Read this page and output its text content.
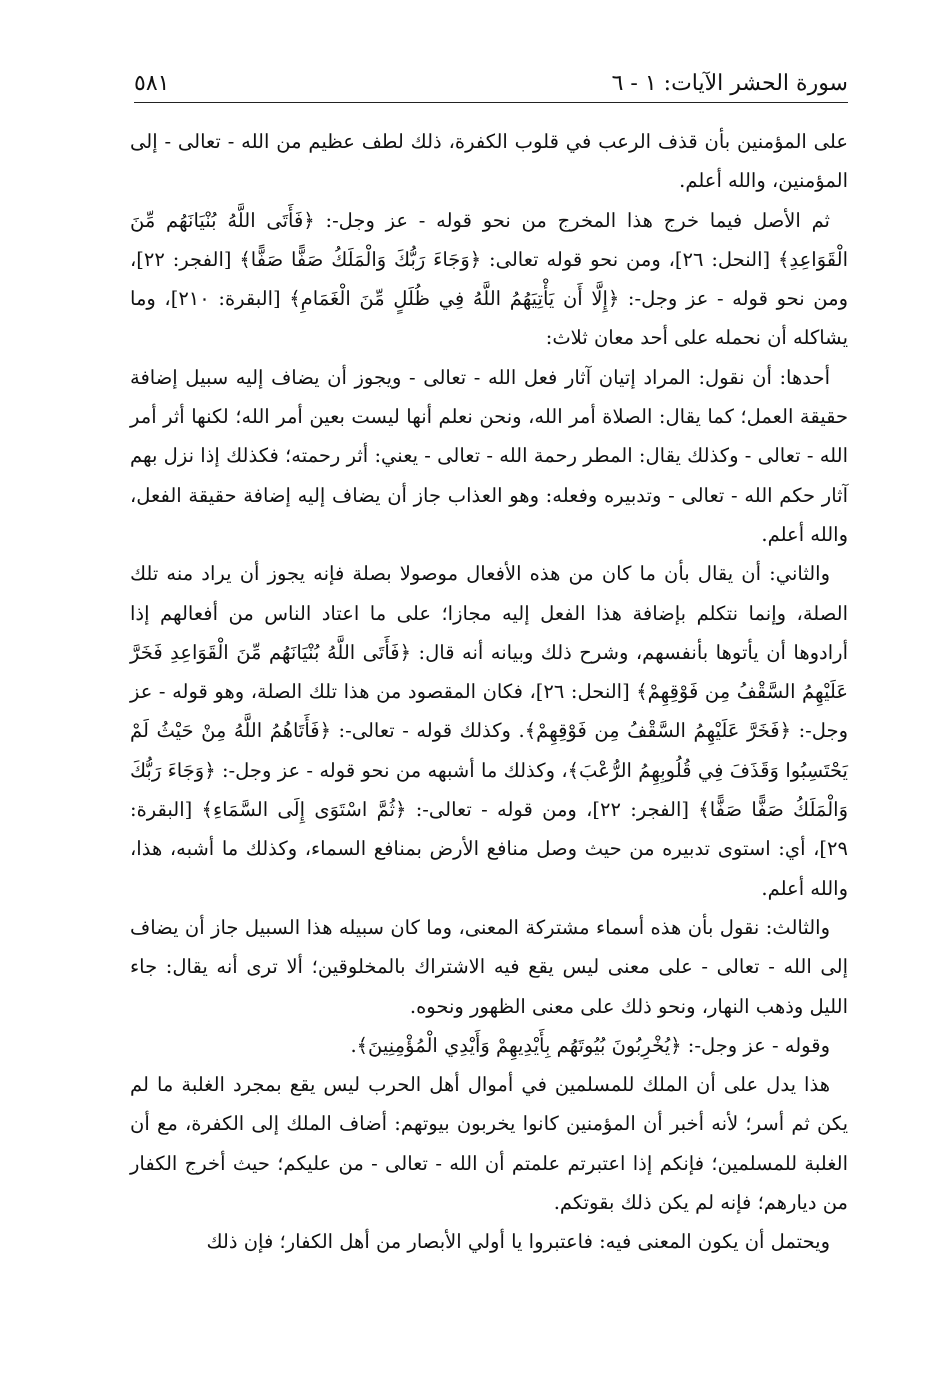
سورة الحشر الآيات: ١ - ٦
٥٨١

على المؤمنين بأن قذف الرعب في قلوب الكفرة، ذلك لطف عظيم من الله - تعالى - إلى المؤمنين، والله أعلم.

ثم الأصل فيما خرج هذا المخرج من نحو قوله - عز وجل-: ﴿فَأَتَى اللَّهُ بُنْيَانَهُم مِّنَ الْقَوَاعِدِ﴾ [النحل: ٢٦]، ومن نحو قوله تعالى: ﴿وَجَاءَ رَبُّكَ وَالْمَلَكُ صَفًّا صَفًّا﴾ [الفجر: ٢٢]، ومن نحو قوله - عز وجل-: ﴿إِلَّا أَن يَأْتِيَهُمُ اللَّهُ فِي ظُلَلٍ مِّنَ الْغَمَامِ﴾ [البقرة: ٢١٠]، وما يشاكله أن نحمله على أحد معان ثلاث:

أحدها: أن نقول: المراد إتيان آثار فعل الله - تعالى - ويجوز أن يضاف إليه سبيل إضافة حقيقة العمل؛ كما يقال: الصلاة أمر الله، ونحن نعلم أنها ليست بعين أمر الله؛ لكنها أثر أمر الله - تعالى - وكذلك يقال: المطر رحمة الله - تعالى - يعني: أثر رحمته؛ فكذلك إذا نزل بهم آثار حكم الله - تعالى - وتدبيره وفعله: وهو العذاب جاز أن يضاف إليه إضافة حقيقة الفعل، والله أعلم.

والثاني: أن يقال بأن ما كان من هذه الأفعال موصولا بصلة فإنه يجوز أن يراد منه تلك الصلة، وإنما نتكلم بإضافة هذا الفعل إليه مجازا؛ على ما اعتاد الناس من أفعالهم إذا أرادوها أن يأتوها بأنفسهم، وشرح ذلك وبيانه أنه قال: ﴿فَأَتَى اللَّهُ بُنْيَانَهُم مِّنَ الْقَوَاعِدِ فَخَرَّ عَلَيْهِمُ السَّقْفُ مِن فَوْقِهِمْ﴾ [النحل: ٢٦]، فكان المقصود من هذا تلك الصلة، وهو قوله - عز وجل-: ﴿فَخَرَّ عَلَيْهِمُ السَّقْفُ مِن فَوْقِهِمْ﴾. وكذلك قوله - تعالى-: ﴿فَأَتَاهُمُ اللَّهُ مِنْ حَيْثُ لَمْ يَحْتَسِبُوا وَقَذَفَ فِي قُلُوبِهِمُ الرُّعْبَ﴾، وكذلك ما أشبهه من نحو قوله - عز وجل-: ﴿وَجَاءَ رَبُّكَ وَالْمَلَكُ صَفًّا صَفًّا﴾ [الفجر: ٢٢]، ومن قوله - تعالى-: ﴿ثُمَّ اسْتَوَى إِلَى السَّمَاءِ﴾ [البقرة: ٢٩]، أي: استوى تدبيره من حيث وصل منافع الأرض بمنافع السماء، وكذلك ما أشبه، هذا، والله أعلم.

والثالث: نقول بأن هذه أسماء مشتركة المعنى، وما كان سبيله هذا السبيل جاز أن يضاف إلى الله - تعالى - على معنى ليس يقع فيه الاشتراك بالمخلوقين؛ ألا ترى أنه يقال: جاء الليل وذهب النهار، ونحو ذلك على معنى الظهور ونحوه.

وقوله - عز وجل-: ﴿يُخْرِبُونَ بُيُوتَهُم بِأَيْدِيهِمْ وَأَيْدِي الْمُؤْمِنِينَ﴾.

هذا يدل على أن الملك للمسلمين في أموال أهل الحرب ليس يقع بمجرد الغلبة ما لم يكن ثم أسر؛ لأنه أخبر أن المؤمنين كانوا يخربون بيوتهم: أضاف الملك إلى الكفرة، مع أن الغلبة للمسلمين؛ فإنكم إذا اعتبرتم علمتم أن الله - تعالى - من عليكم؛ حيث أخرج الكفار من ديارهم؛ فإنه لم يكن ذلك بقوتكم.

ويحتمل أن يكون المعنى فيه: فاعتبروا يا أولي الأبصار من أهل الكفار؛ فإن ذلك
